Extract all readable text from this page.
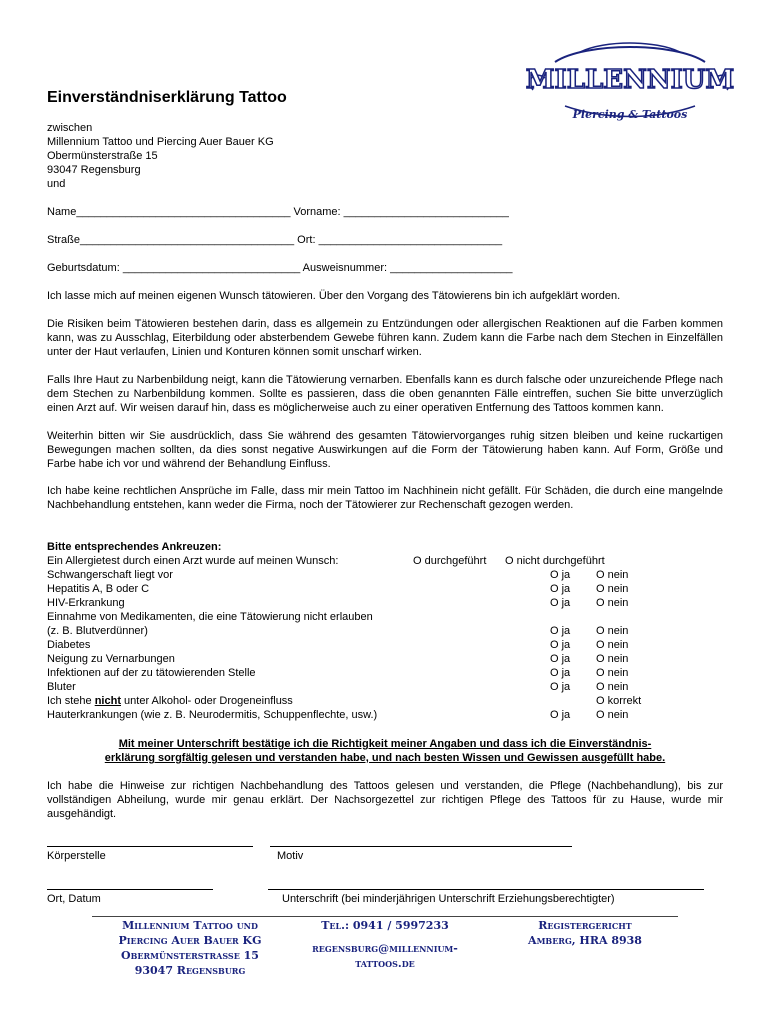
MILLENNIUM
Piercing & Tattoos
Einverständniserklärung Tattoo
zwischen
Millennium Tattoo und Piercing Auer Bauer KG
Obermünsterstraße 15
93047 Regensburg
und
Name___________________________________ Vorname: ___________________________
Straße___________________________________ Ort: ______________________________
Geburtsdatum: _____________________________ Ausweisnummer: ____________________
Ich lasse mich auf meinen eigenen Wunsch tätowieren. Über den Vorgang des Tätowierens bin ich aufgeklärt worden.
Die Risiken beim Tätowieren bestehen darin, dass es allgemein zu Entzündungen oder allergischen Reaktionen auf die Farben kommen kann, was zu Ausschlag, Eiterbildung oder absterbendem Gewebe führen kann. Zudem kann die Farbe nach dem Stechen in Einzelfällen unter der Haut verlaufen, Linien und Konturen können somit unscharf wirken.
Falls Ihre Haut zu Narbenbildung neigt, kann die Tätowierung vernarben. Ebenfalls kann es durch falsche oder unzureichende Pflege nach dem Stechen zu Narbenbildung kommen. Sollte es passieren, dass die oben genannten Fälle eintreffen, suchen Sie bitte unverzüglich einen Arzt auf. Wir weisen darauf hin, dass es möglicherweise auch zu einer operativen Entfernung des Tattoos kommen kann.
Weiterhin bitten wir Sie ausdrücklich, dass Sie während des gesamten Tätowiervorganges ruhig sitzen bleiben und keine ruckartigen Bewegungen machen sollten, da dies sonst negative Auswirkungen auf die Form der Tätowierung haben kann. Auf Form, Größe und Farbe habe ich vor und während der Behandlung Einfluss.
Ich habe keine rechtlichen Ansprüche im Falle, dass mir mein Tattoo im Nachhinein nicht gefällt. Für Schäden, die durch eine mangelnde Nachbehandlung entstehen, kann weder die Firma, noch der Tätowierer zur Rechenschaft gezogen werden.
Bitte entsprechendes Ankreuzen:
Ein Allergietest durch einen Arzt wurde auf meinen Wunsch:	O durchgeführt O nicht durchgeführt
Schwangerschaft liegt vor	O ja O nein
Hepatitis A, B oder C	O ja O nein
HIV-Erkrankung	O ja O nein
Einnahme von Medikamenten, die eine Tätowierung nicht erlauben
(z. B. Blutverdünner)	O ja O nein
Diabetes	O ja O nein
Neigung zu Vernarbungen	O ja O nein
Infektionen auf der zu tätowierenden Stelle	O ja O nein
Bluter	O ja O nein
Ich stehe nicht unter Alkohol- oder Drogeneinfluss	O korrekt
Hauterkrankungen (wie z. B. Neurodermitis, Schuppenflechte, usw.)	O ja O nein
Mit meiner Unterschrift bestätige ich die Richtigkeit meiner Angaben und dass ich die Einverständnis-
erklärung sorgfältig gelesen und verstanden habe, und nach besten Wissen und Gewissen ausgefüllt habe.
Ich habe die Hinweise zur richtigen Nachbehandlung des Tattoos gelesen und verstanden, die Pflege (Nachbehandlung), bis zur vollständigen Abheilung, wurde mir genau erklärt. Der Nachsorgezettel zur richtigen Pflege des Tattoos für zu Hause, wurde mir ausgehändigt.
Körperstelle	Motiv
Ort, Datum	Unterschrift (bei minderjährigen Unterschrift Erziehungsberechtigter)
Millennium Tattoo und
Piercing Auer Bauer KG
Obermünsterstrasse 15
93047 Regensburg
Tel.: 0941 / 5997233
regensburg@millennium-
tattoos.de
Registergericht
Amberg, HRA 8938
